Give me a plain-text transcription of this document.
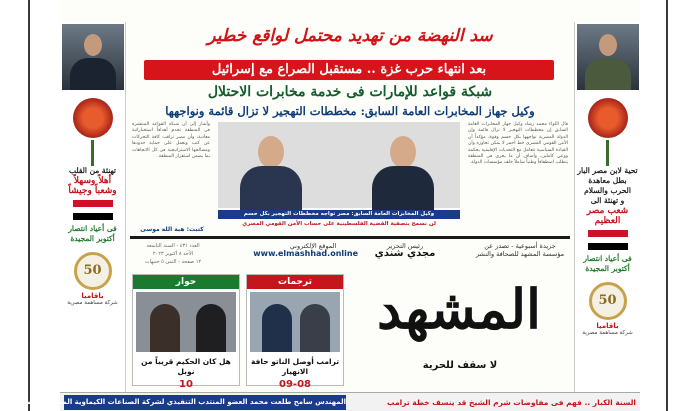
تحية لابن مصر البار بطل معاهدة الحرب والسلام
و تهنئة الى
شعب مصر العظيم
فى أعياد انتصار أكتوبر المجيدة
50
باقاميا
شركة مساهمة مصرية
تهنئة من القلب
أهلاً وسهلاً وشعباً وجيشاً
فى أعياد انتصار أكتوبر المجيدة
50
باقاميا
شركة مساهمة مصرية
سد النهضة من تهديد محتمل لواقع خطير
بعد انتهاء حرب غزة .. مستقبل الصراع مع إسرائيل
شبكة قواعد للإمارات فى خدمة مخابرات الاحتلال
وكيل جهاز المخابرات العامة السابق: مخططات التهجير لا تزال قائمة ونواجهها
قال اللواء محمد رشاد وكيل جهاز المخابرات العامة السابق إن مخططات التهجير لا تزال قائمة وإن الدولة المصرية تواجهها بكل حسم وقوة، مؤكداً أن الأمن القومي المصري خط أحمر لا يمكن تجاوزه وأن القيادة السياسية تتعامل مع التحديات الإقليمية بحكمة ووعي كاملين، وأضاف أن ما يجرى فى المنطقة يتطلب اصطفافاً وطنياً شاملاً خلف مؤسسات الدولة.
وكيل المخابرات العامة السابق: مصر تواجه مخططات التهجير بكل حسم
لن نسمح بتصفية القضية الفلسطينية على حساب الأمن القومي المصري
وأشار إلى أن شبكة القواعد المنتشرة فى المنطقة تخدم أهدافاً استخباراتية معادية، وأن مصر تراقب كافة التحركات عن كثب وتعمل على حماية حدودها ومصالحها الاستراتيجية فى كل الاتجاهات بما يضمن استقرار المنطقة.
كتبت: هبة الله موسى
جريدة أسبوعية - تصدر عن
مؤسسة المشهد للصحافة والنشر
رئيس التحرير
مجدي شندي
الموقع الإلكتروني
www.elmashhad.online
العدد ٤٣١ - السنة التاسعة
الأحد ٨ أكتوبر ٢٠٢٣
١٢ صفحة - الثمن ٥ جنيهات
المشهد
لا سقف للحرية
ترجمات
ترامب أوصل الناتو حافة الانهيار
09-08
حوار
هل كان الحكيم قريباً من نوبل
10
السنة الكبار .. فهم فى مفاوضات شرم الشيخ قد ينسف خطة ترامب
المهندس سامح طلعت محمد العضو المنتدب التنفيذي لشركة الصناعات الكيماوية المصرية (كيما)
